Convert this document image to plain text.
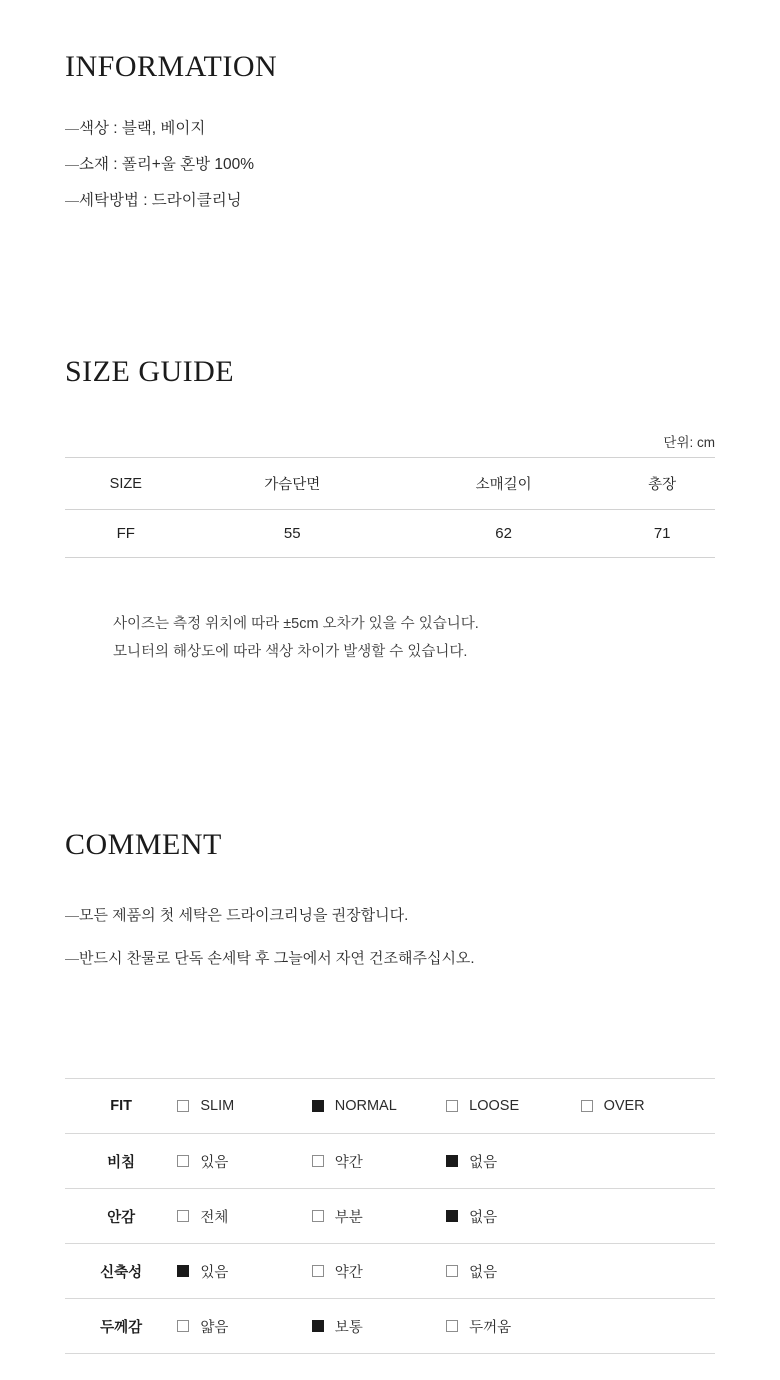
INFORMATION
— 색상 : 블랙, 베이지
— 소재 : 폴리+울 혼방 100%
— 세탁방법 : 드라이클리닝
SIZE GUIDE
단위: cm
SIZE	가슴단면	소매길이	총장
FF	55	62	71
사이즈는 측정 위치에 따라 ±5cm 오차가 있을 수 있습니다.
모니터의 해상도에 따라 색상 차이가 발생할 수 있습니다.
COMMENT
— 모든 제품의 첫 세탁은 드라이크리닝을 권장합니다.
— 반드시 찬물로 단독 손세탁 후 그늘에서 자연 건조해주십시오.
FIT	SLIM	NORMAL	LOOSE	OVER

비침	있음	약간	없음	

안감	전체	부분	없음	

신축성	있음	약간	없음	

두께감	얇음	보통	두꺼움	
